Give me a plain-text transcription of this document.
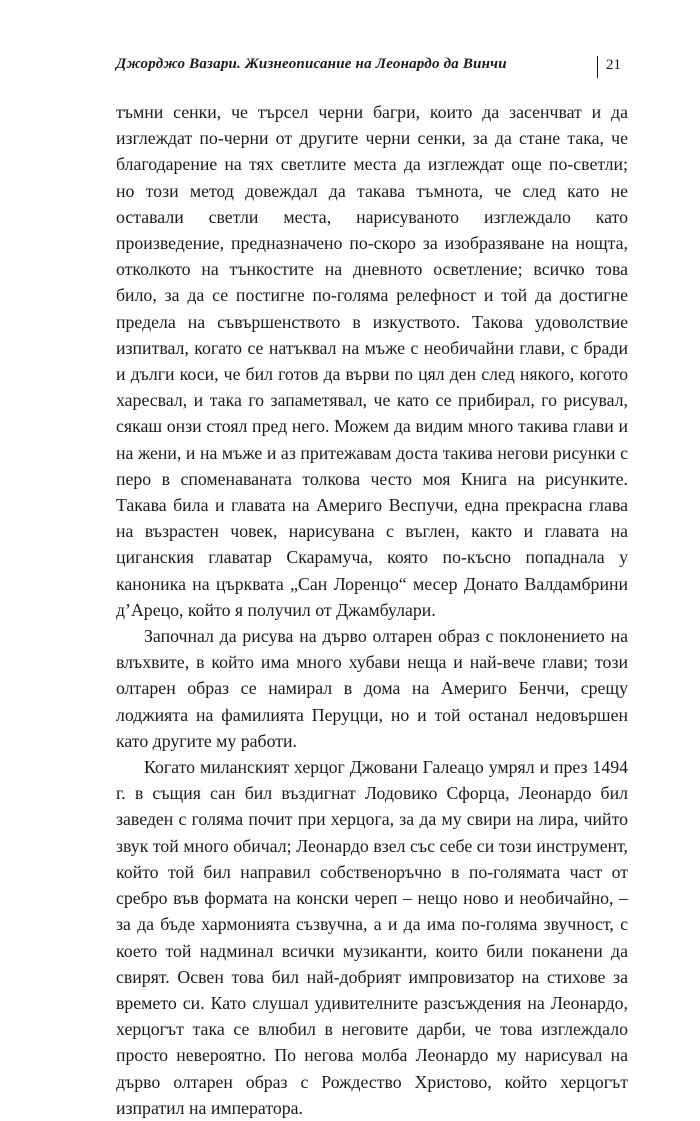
Джорджо Вазари. Жизнеописание на Леонардо да Винчи	21

тъмни сенки, че търсел черни багри, които да засенчват и да изглеждат по-черни от другите черни сенки, за да стане така, че благодарение на тях светлите места да изглеждат още по-светли; но този метод довеждал да такава тъмнота, че след като не оставали светли места, нарисуваното изглеждало като произведение, предназначено по-скоро за изобразяване на нощта, отколкото на тънкостите на дневното осветление; всичко това било, за да се постигне по-голяма релефност и той да достигне предела на съвършенството в изкуството. Такова удоволствие изпитвал, когато се натъквал на мъже с необичайни глави, с бради и дълги коси, че бил готов да върви по цял ден след някого, когото харесвал, и така го запаметявал, че като се прибирал, го рисувал, сякаш онзи стоял пред него. Можем да видим много такива глави и на жени, и на мъже и аз притежавам доста такива негови рисунки с перо в споменаваната толкова често моя Книга на рисунките. Такава била и главата на Америго Веспучи, една прекрасна глава на възрастен човек, нарисувана с въглен, както и главата на циганския главатар Скарамуча, която по-късно попаднала у каноника на църквата „Сан Лоренцо“ месер Донато Валдамбрини д’Арецо, който я получил от Джамбулари.

Започнал да рисува на дърво олтарен образ с поклонението на влъхвите, в който има много хубави неща и най-вече глави; този олтарен образ се намирал в дома на Америго Бенчи, срещу лоджията на фамилията Перуцци, но и той останал недовършен като другите му работи.

Когато миланският херцог Джовани Галеацо умрял и през 1494 г. в същия сан бил въздигнат Лодовико Сфорца, Леонардо бил заведен с голяма почит при херцога, за да му свири на лира, чийто звук той много обичал; Леонардо взел със себе си този инструмент, който той бил направил собственоръчно в по-голямата част от сребро във формата на конски череп – нещо ново и необичайно, – за да бъде хармонията съзвучна, а и да има по-голяма звучност, с което той надминал всички музиканти, които били поканени да свирят. Освен това бил най-добрият импровизатор на стихове за времето си. Като слушал удивителните разсъждения на Леонардо, херцогът така се влюбил в неговите дарби, че това изглеждало просто невероятно. По негова молба Леонардо му нарисувал на дърво олтарен образ с Рождество Христово, който херцогът изпратил на императора.
